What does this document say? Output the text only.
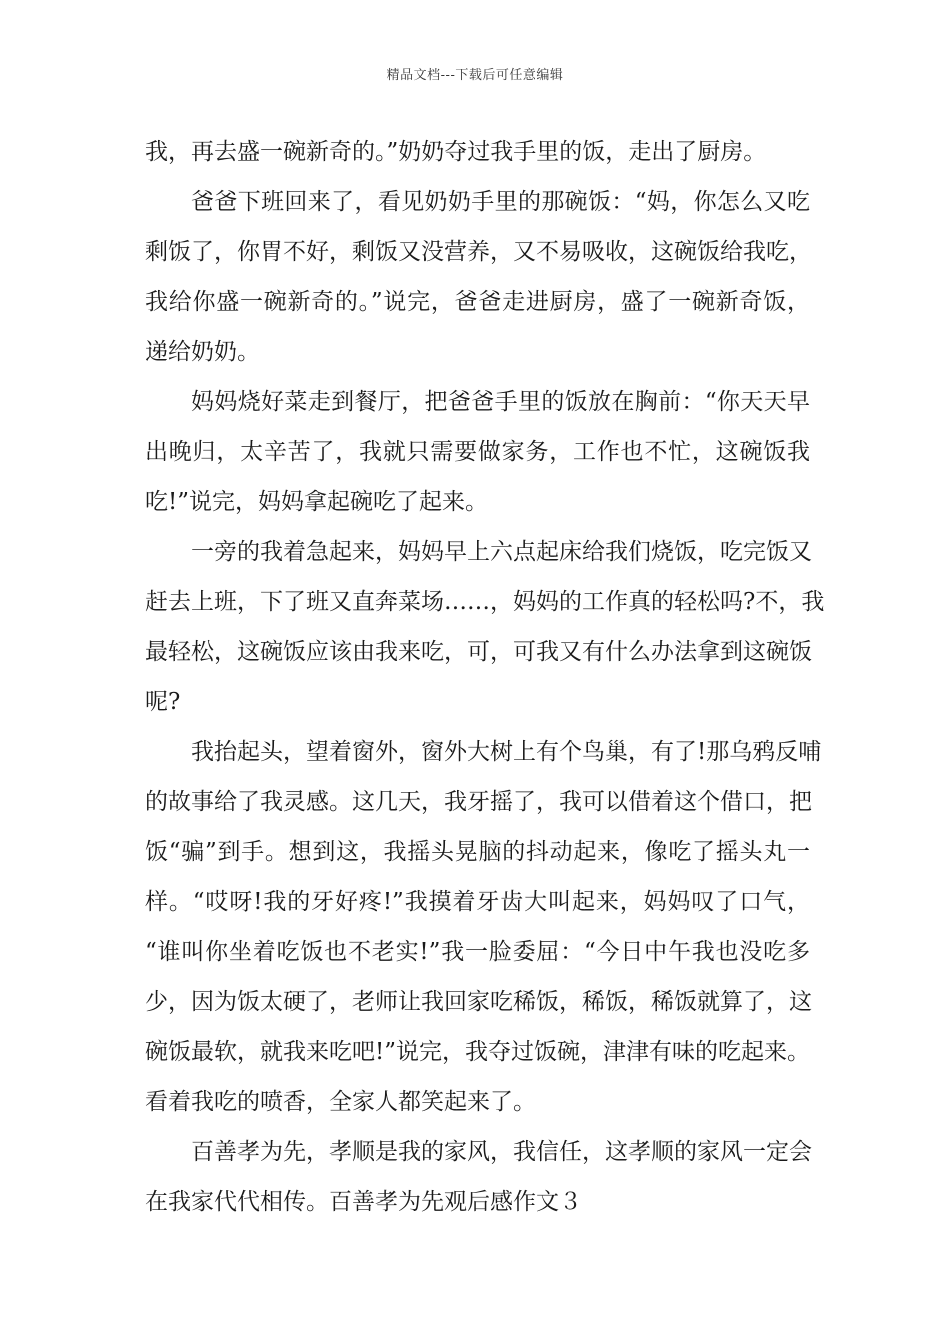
精品文档---下载后可任意编辑
我，再去盛一碗新奇的。”奶奶夺过我手里的饭，走出了厨房。
爸爸下班回来了，看见奶奶手里的那碗饭：“妈，你怎么又吃
剩饭了，你胃不好，剩饭又没营养，又不易吸收，这碗饭给我吃，
我给你盛一碗新奇的。”说完，爸爸走进厨房，盛了一碗新奇饭，
递给奶奶。
妈妈烧好菜走到餐厅，把爸爸手里的饭放在胸前：“你天天早
出晚归，太辛苦了，我就只需要做家务，工作也不忙，这碗饭我
吃!”说完，妈妈拿起碗吃了起来。
一旁的我着急起来，妈妈早上六点起床给我们烧饭，吃完饭又
赶去上班，下了班又直奔菜场……，妈妈的工作真的轻松吗?不，我
最轻松，这碗饭应该由我来吃，可，可我又有什么办法拿到这碗饭
呢?
我抬起头，望着窗外，窗外大树上有个鸟巢，有了!那乌鸦反哺
的故事给了我灵感。这几天，我牙摇了，我可以借着这个借口，把
饭“骗”到手。想到这，我摇头晃脑的抖动起来，像吃了摇头丸一
样。“哎呀!我的牙好疼!”我摸着牙齿大叫起来，妈妈叹了口气，
“谁叫你坐着吃饭也不老实!”我一脸委屈：“今日中午我也没吃多
少，因为饭太硬了，老师让我回家吃稀饭，稀饭，稀饭就算了，这
碗饭最软，就我来吃吧!”说完，我夺过饭碗，津津有味的吃起来。
看着我吃的喷香，全家人都笑起来了。
百善孝为先，孝顺是我的家风，我信任，这孝顺的家风一定会
在我家代代相传。百善孝为先观后感作文３
